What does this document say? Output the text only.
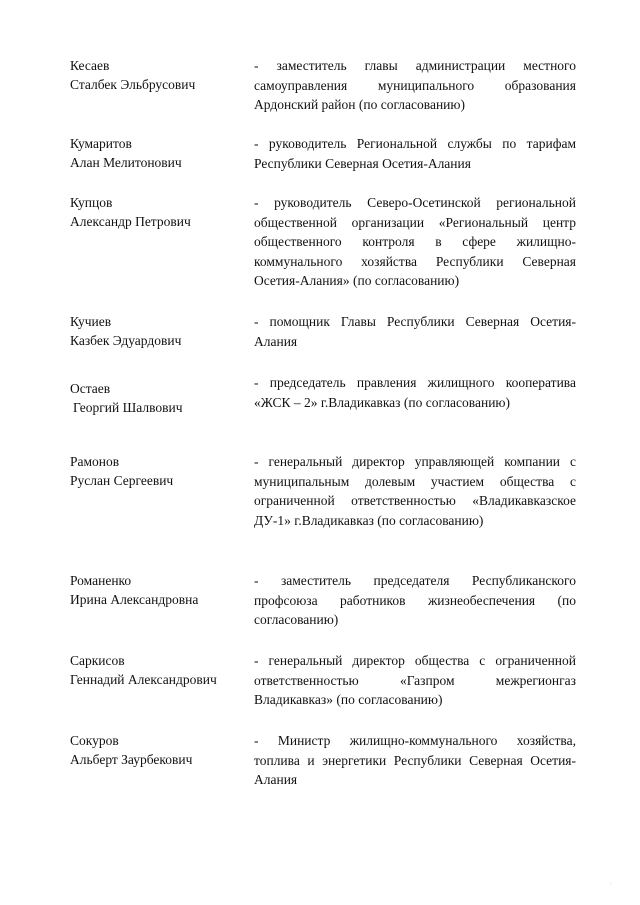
Кесаев
Сталбек Эльбрусович
- заместитель главы администрации местного самоуправления муниципального образования Ардонский район (по согласованию)
Кумаритов
Алан Мелитонович
- руководитель Региональной службы по тарифам Республики Северная Осетия-Алания
Купцов
Александр Петрович
- руководитель Северо-Осетинской региональной общественной организации «Региональный центр общественного контроля в сфере жилищно-коммунального хозяйства Республики Северная Осетия-Алания» (по согласованию)
Кучиев
Казбек Эдуардович
- помощник Главы Республики Северная Осетия-Алания
Остаев
Георгий Шалвович
- председатель правления жилищного кооператива «ЖСК – 2» г.Владикавказ (по согласованию)
Рамонов
Руслан Сергеевич
- генеральный директор управляющей компании с муниципальным долевым участием общества с ограниченной ответственностью «Владикавказское ДУ-1» г.Владикавказ (по согласованию)
Романенко
Ирина Александровна
- заместитель председателя Республиканского профсоюза работников жизнеобеспечения (по согласованию)
Саркисов
Геннадий Александрович
- генеральный директор общества с ограниченной ответственностью «Газпром межрегионгаз Владикавказ» (по согласованию)
Сокуров
Альберт Заурбекович
- Министр жилищно-коммунального хозяйства, топлива и энергетики Республики Северная Осетия-Алания
·
